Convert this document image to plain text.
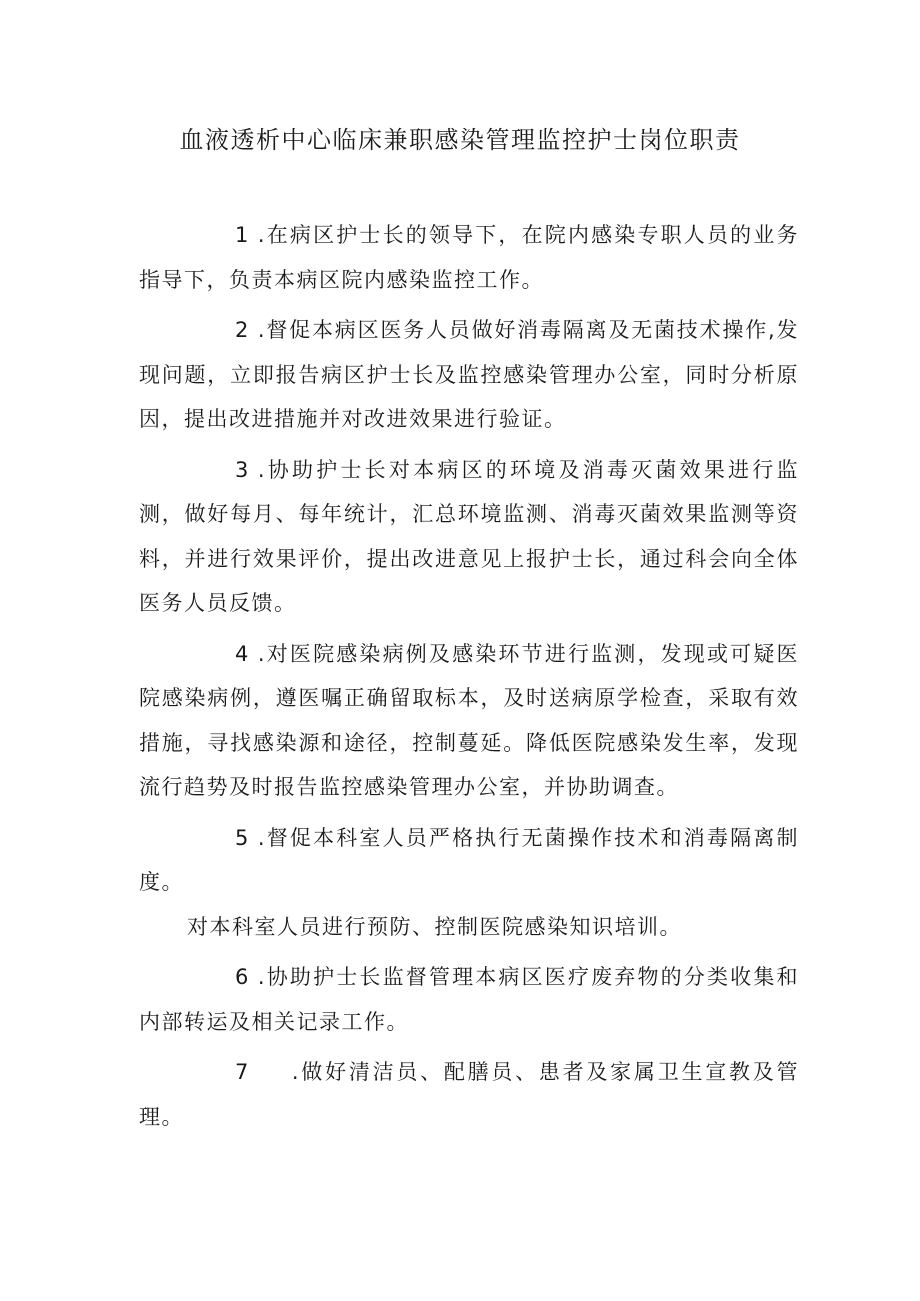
血液透析中心临床兼职感染管理监控护士岗位职责

1 .在病区护士长的领导下，在院内感染专职人员的业务指导下，负责本病区院内感染监控工作。

2 .督促本病区医务人员做好消毒隔离及无菌技术操作,发现问题，立即报告病区护士长及监控感染管理办公室，同时分析原因，提出改进措施并对改进效果进行验证。

3 .协助护士长对本病区的环境及消毒灭菌效果进行监测，做好每月、每年统计，汇总环境监测、消毒灭菌效果监测等资料，并进行效果评价，提出改进意见上报护士长，通过科会向全体医务人员反馈。

4 .对医院感染病例及感染环节进行监测，发现或可疑医院感染病例，遵医嘱正确留取标本，及时送病原学检查，采取有效措施，寻找感染源和途径，控制蔓延。降低医院感染发生率，发现流行趋势及时报告监控感染管理办公室，并协助调查。

5 .督促本科室人员严格执行无菌操作技术和消毒隔离制度。

对本科室人员进行预防、控制医院感染知识培训。

6 .协助护士长监督管理本病区医疗废弃物的分类收集和内部转运及相关记录工作。

7 .做好清洁员、配膳员、患者及家属卫生宣教及管理。
